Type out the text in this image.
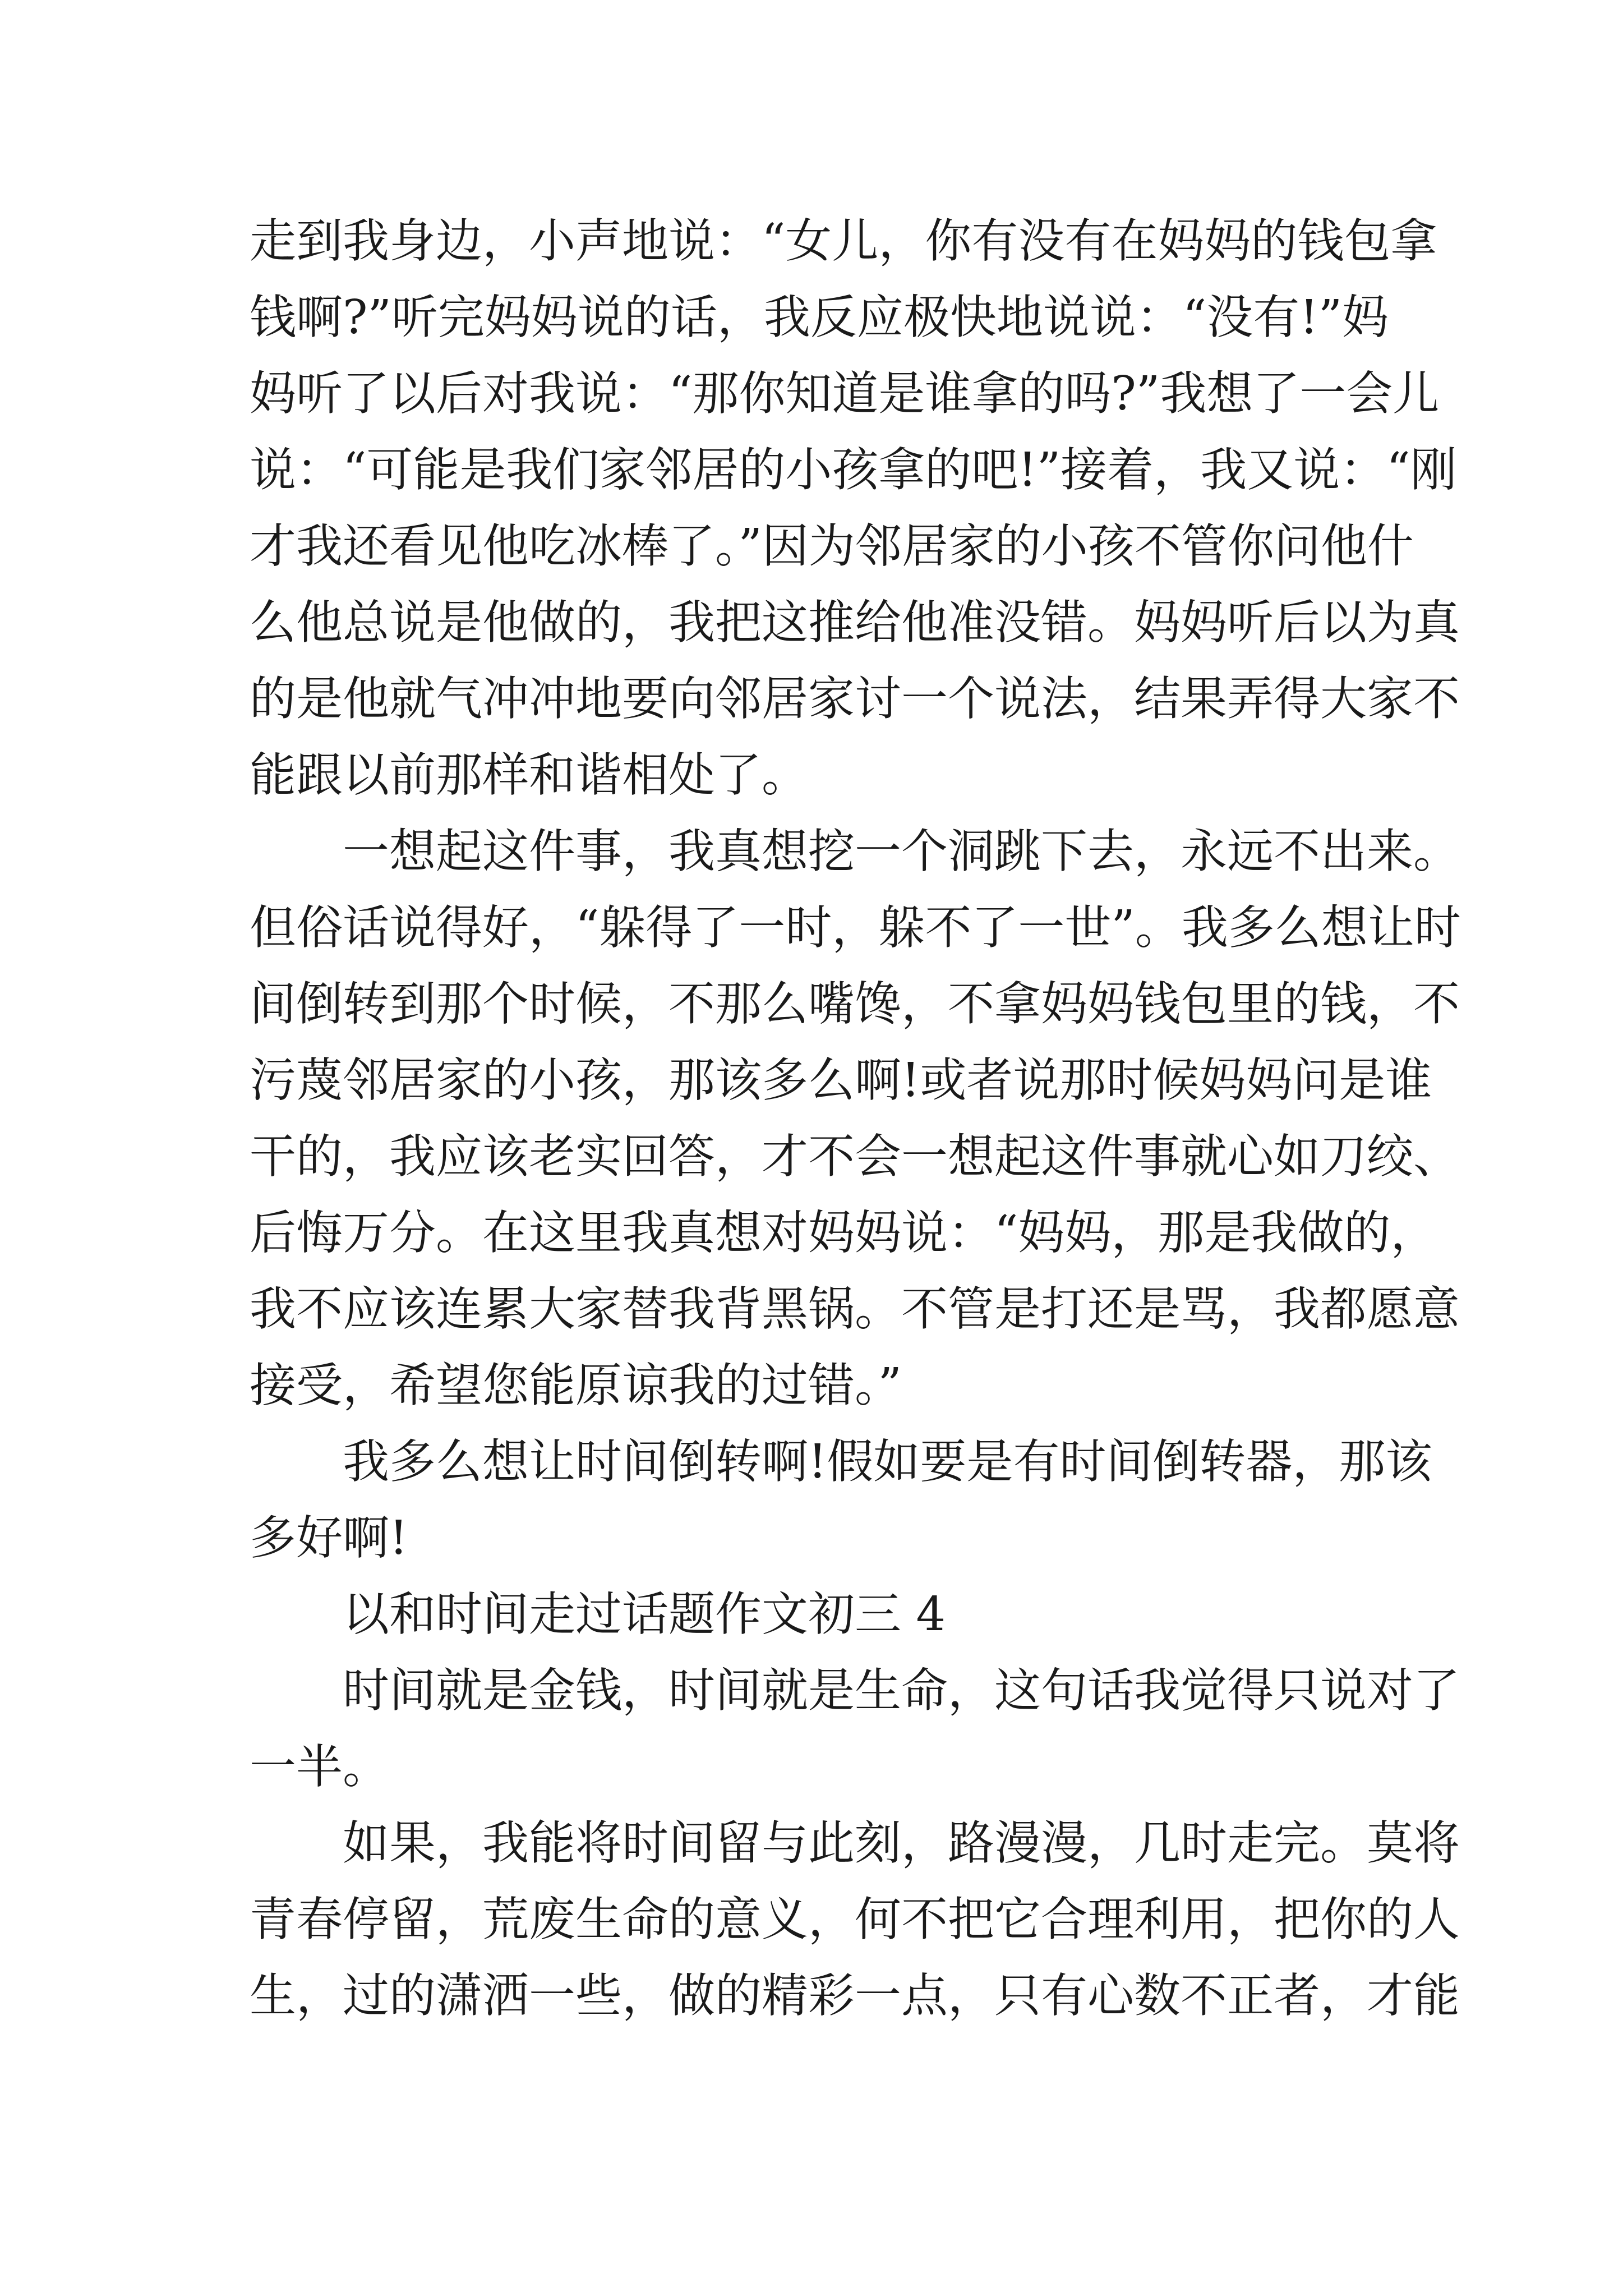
走到我身边，小声地说：“女儿，你有没有在妈妈的钱包拿
钱啊?”听完妈妈说的话，我反应极快地说说：“没有!”妈
妈听了以后对我说：“那你知道是谁拿的吗?”我想了一会儿
说：“可能是我们家邻居的小孩拿的吧!”接着，我又说：“刚
才我还看见他吃冰棒了。”因为邻居家的小孩不管你问他什
么他总说是他做的，我把这推给他准没错。妈妈听后以为真
的是他就气冲冲地要向邻居家讨一个说法，结果弄得大家不
能跟以前那样和谐相处了。
一想起这件事，我真想挖一个洞跳下去，永远不出来。
但俗话说得好，“躲得了一时，躲不了一世”。我多么想让时
间倒转到那个时候，不那么嘴馋，不拿妈妈钱包里的钱，不
污蔑邻居家的小孩，那该多么啊!或者说那时候妈妈问是谁
干的，我应该老实回答，才不会一想起这件事就心如刀绞、
后悔万分。在这里我真想对妈妈说：“妈妈，那是我做的，
我不应该连累大家替我背黑锅。不管是打还是骂，我都愿意
接受，希望您能原谅我的过错。”
我多么想让时间倒转啊!假如要是有时间倒转器，那该
多好啊!
以和时间走过话题作文初三 4
时间就是金钱，时间就是生命，这句话我觉得只说对了
一半。
如果，我能将时间留与此刻，路漫漫，几时走完。莫将
青春停留，荒废生命的意义，何不把它合理利用，把你的人
生，过的潇洒一些，做的精彩一点，只有心数不正者，才能
